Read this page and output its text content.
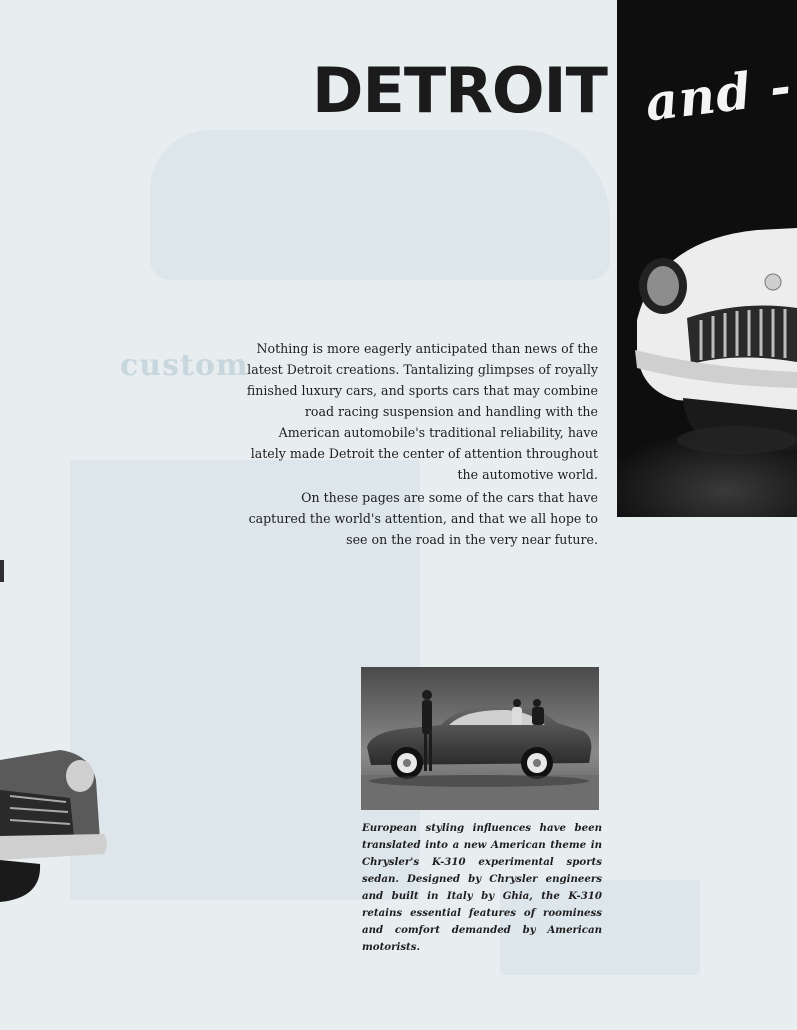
custom
DETROIT and -

Nothing is more eagerly anticipated than news of the latest Detroit creations. Tantalizing glimpses of royally finished luxury cars, and sports cars that may combine road racing suspension and handling with the American automobile's traditional reliability, have lately made Detroit the center of attention throughout the automotive world.

On these pages are some of the cars that have captured the world's attention, and that we all hope to see on the road in the very near future.

European styling influences have been translated into a new American theme in Chrysler's K-310 experimental sports sedan. Designed by Chrysler engineers and built in Italy by Ghia, the K-310 retains essential features of roominess and comfort demanded by American motorists.
